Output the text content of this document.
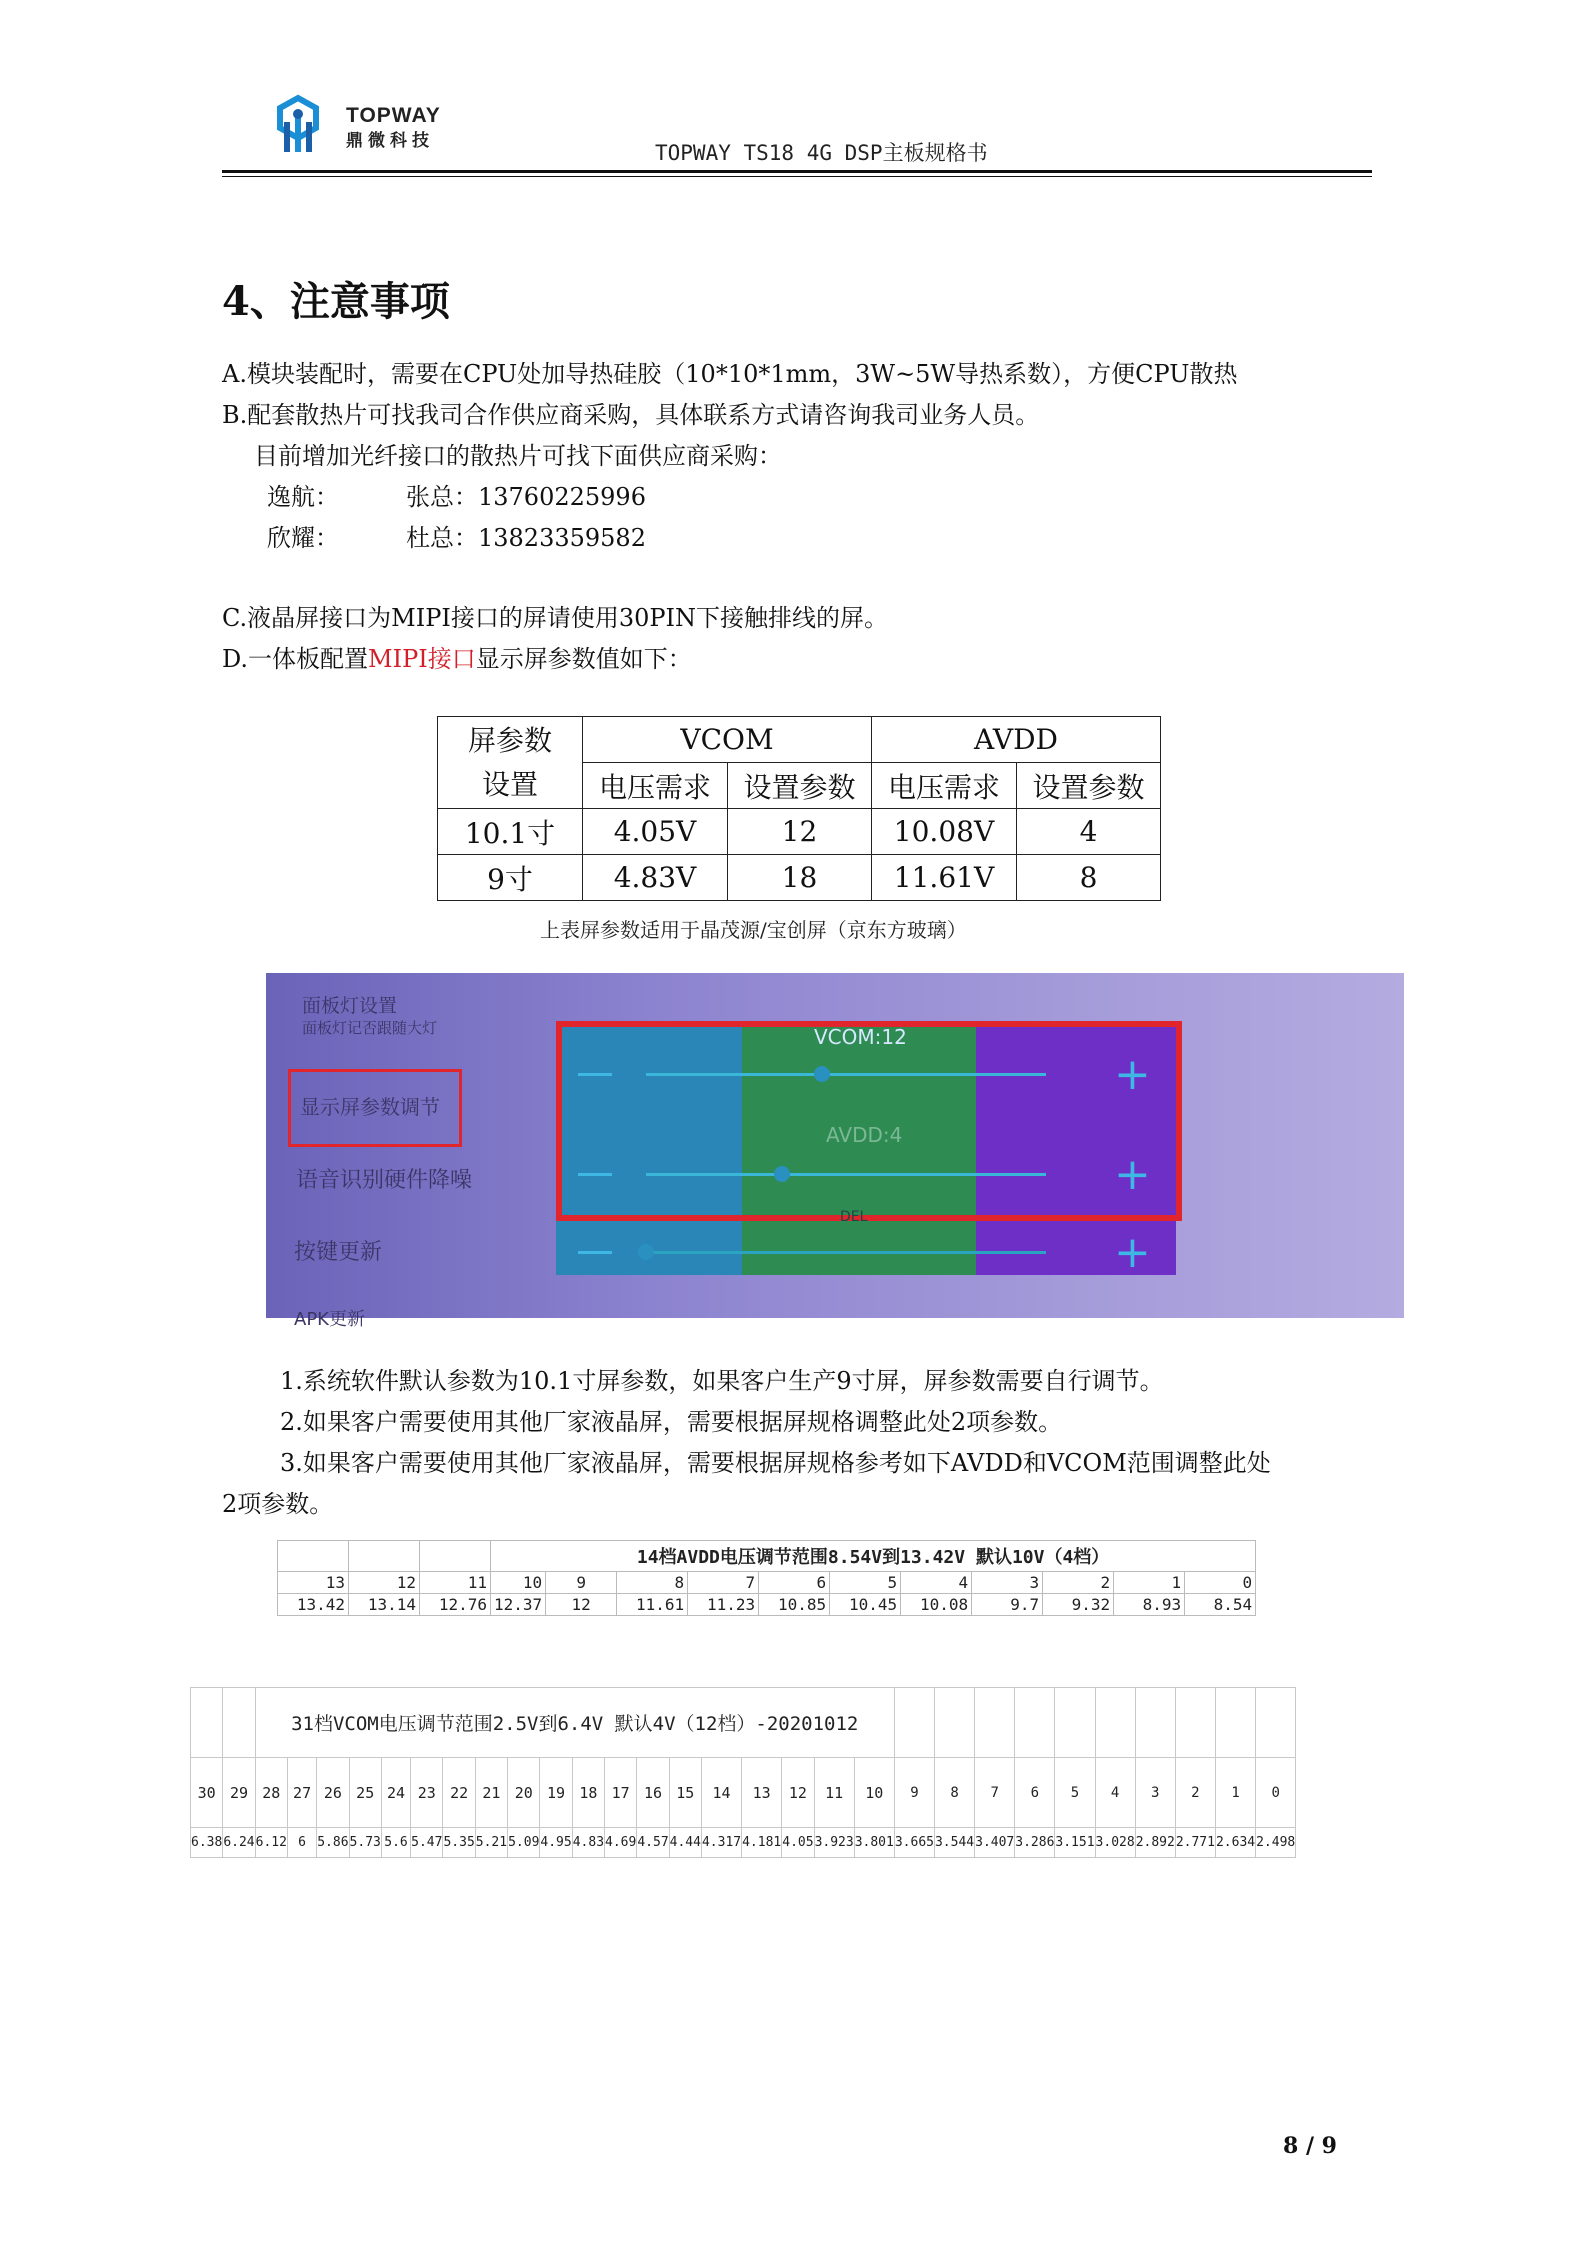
TOPWAY
鼎微科技	TOPWAY TS18 4G DSP主板规格书
4、注意事项
A.模块装配时，需要在CPU处加导热硅胶（10*10*1mm，3W~5W导热系数），方便CPU散热
B.配套散热片可找我司合作供应商采购，具体联系方式请咨询我司业务人员。
目前增加光纤接口的散热片可找下面供应商采购：
逸航：	张总：13760225996
欣耀：	杜总：13823359582
C.液晶屏接口为MIPI接口的屏请使用30PIN下接触排线的屏。
D.一体板配置MIPI接口显示屏参数值如下：
屏参数
设置	VCOM		AVDD	
	电压需求	设置参数	电压需求	设置参数
10.1寸	4.05V	12	10.08V	4
9寸	4.83V	18	11.61V	8
上表屏参数适用于晶茂源/宝创屏（京东方玻璃）
面板灯设置
面板灯记否跟随大灯
显示屏参数调节
语音识别硬件降噪
按键更新
APK更新
VCOM:12
+
AVDD:4
+
DEL
+
1.系统软件默认参数为10.1寸屏参数，如果客户生产9寸屏，屏参数需要自行调节。
2.如果客户需要使用其他厂家液晶屏，需要根据屏规格调整此处2项参数。
3.如果客户需要使用其他厂家液晶屏，需要根据屏规格参考如下AVDD和VCOM范围调整此处
2项参数。
			14档AVDD电压调节范围8.54V到13.42V 默认10V（4档）										
13	12	11	10	9	8	7	6	5	4	3	2	1	0
13.42	13.14	12.76	12.37	12	11.61	11.23	10.85	10.45	10.08	9.7	9.32	8.93	8.54
		31档VCOM电压调节范围2.5V到6.4V 默认4V（12档）-20201012																												
30	29	28	27	26	25	24	23	22	21	20	19	18	17	16	15	14	13	12	11	10	9	8	7	6	5	4	3	2	1	0
6.38	6.24	6.12	6	5.86	5.73	5.6	5.47	5.35	5.21	5.09	4.95	4.83	4.69	4.57	4.44	4.317	4.181	4.05	3.923	3.801	3.665	3.544	3.407	3.286	3.151	3.028	2.892	2.771	2.634	2.498
8 / 9
